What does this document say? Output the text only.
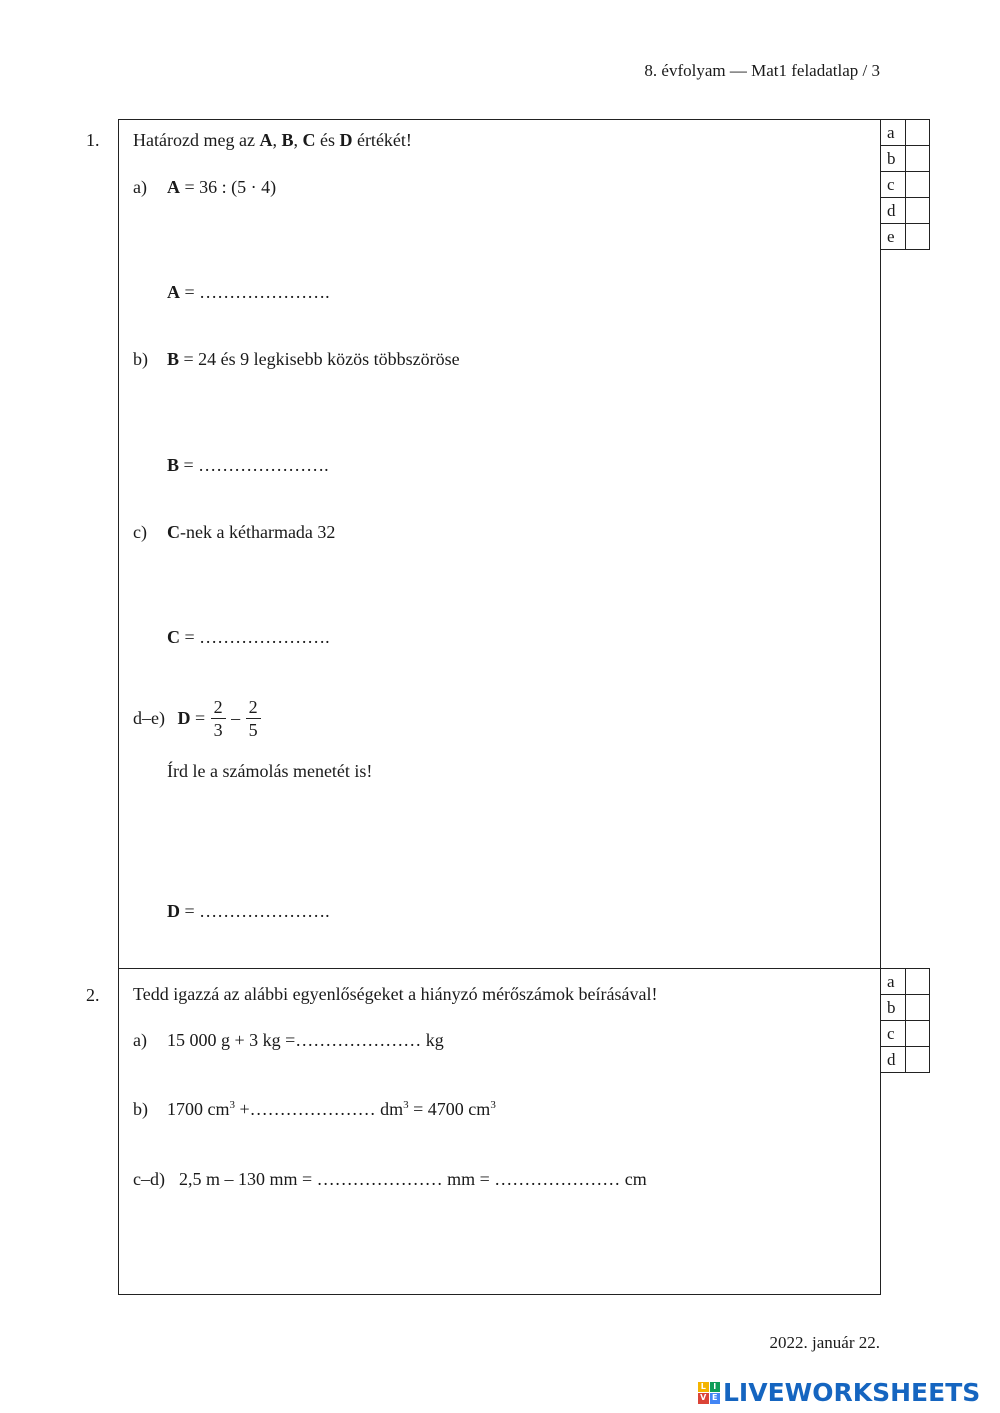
8. évfolyam — Mat1 feladatlap / 3
1. Határozd meg az A, B, C és D értékét!
a) A = 36 : (5 · 4)
A = ………………….
b) B = 24 és 9 legkisebb közös többszöröse
B = ………………….
c) C-nek a kétharmada 32
C = ………………….
d–e) $D = \frac{2}{3} - \frac{2}{5}$
Írd le a számolás menetét is!
D = ………………….
a	
b	
c	
d	
e	
2. Tedd igazzá az alábbi egyenlőségeket a hiányzó mérőszámok beírásával!
a) 15 000 g + 3 kg =………………… kg
b) 1700 $cm^3$ +………………… $dm^3 = 4700$ $cm^3$
c–d) 2,5 m – 130 mm = ………………… mm = ………………… cm
a	
b	
c	
d	
2022. január 22.
L I
V E LIVEWORKSHEETS
